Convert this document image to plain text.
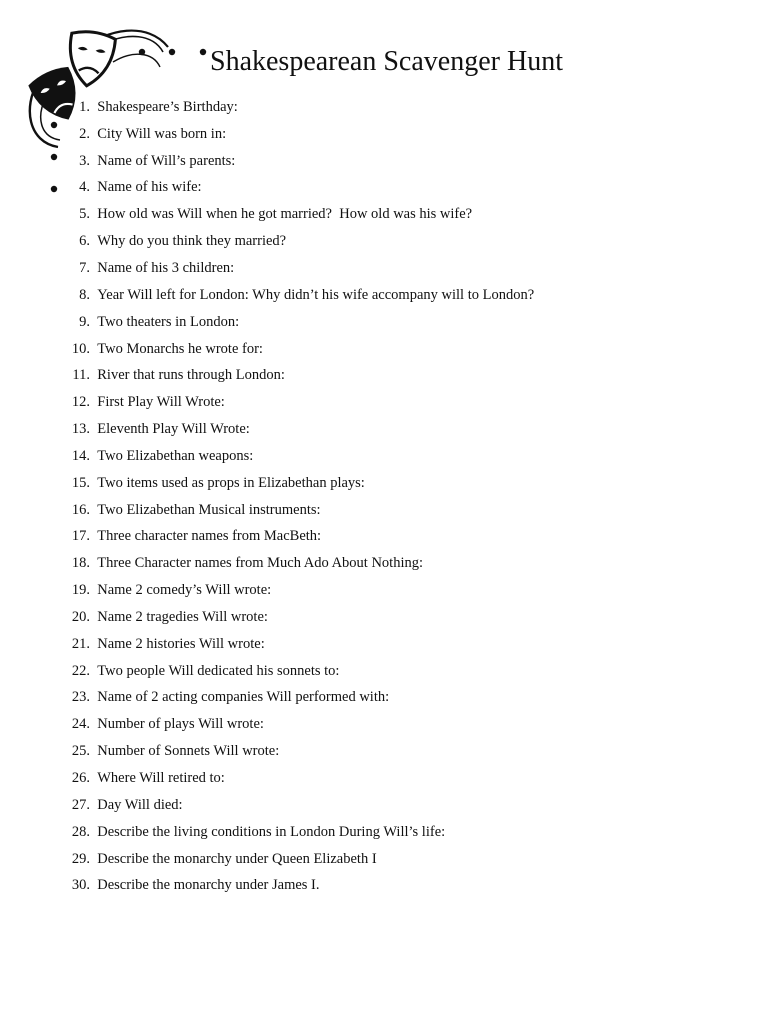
Shakespearean Scavenger Hunt
1. Shakespeare’s Birthday:
2. City Will was born in:
3. Name of Will’s parents:
4. Name of his wife:
5. How old was Will when he got married?  How old was his wife?
6. Why do you think they married?
7. Name of his 3 children:
8. Year Will left for London: Why didn’t his wife accompany will to London?
9. Two theaters in London:
10. Two Monarchs he wrote for:
11. River that runs through London:
12. First Play Will Wrote:
13. Eleventh Play Will Wrote:
14. Two Elizabethan weapons:
15. Two items used as props in Elizabethan plays:
16. Two Elizabethan Musical instruments:
17. Three character names from MacBeth:
18. Three Character names from Much Ado About Nothing:
19. Name 2 comedy’s Will wrote:
20. Name 2 tragedies Will wrote:
21. Name 2 histories Will wrote:
22. Two people Will dedicated his sonnets to:
23. Name of 2 acting companies Will performed with:
24. Number of plays Will wrote:
25. Number of Sonnets Will wrote:
26. Where Will retired to:
27. Day Will died:
28. Describe the living conditions in London During Will’s life:
29. Describe the monarchy under Queen Elizabeth I
30. Describe the monarchy under James I.
